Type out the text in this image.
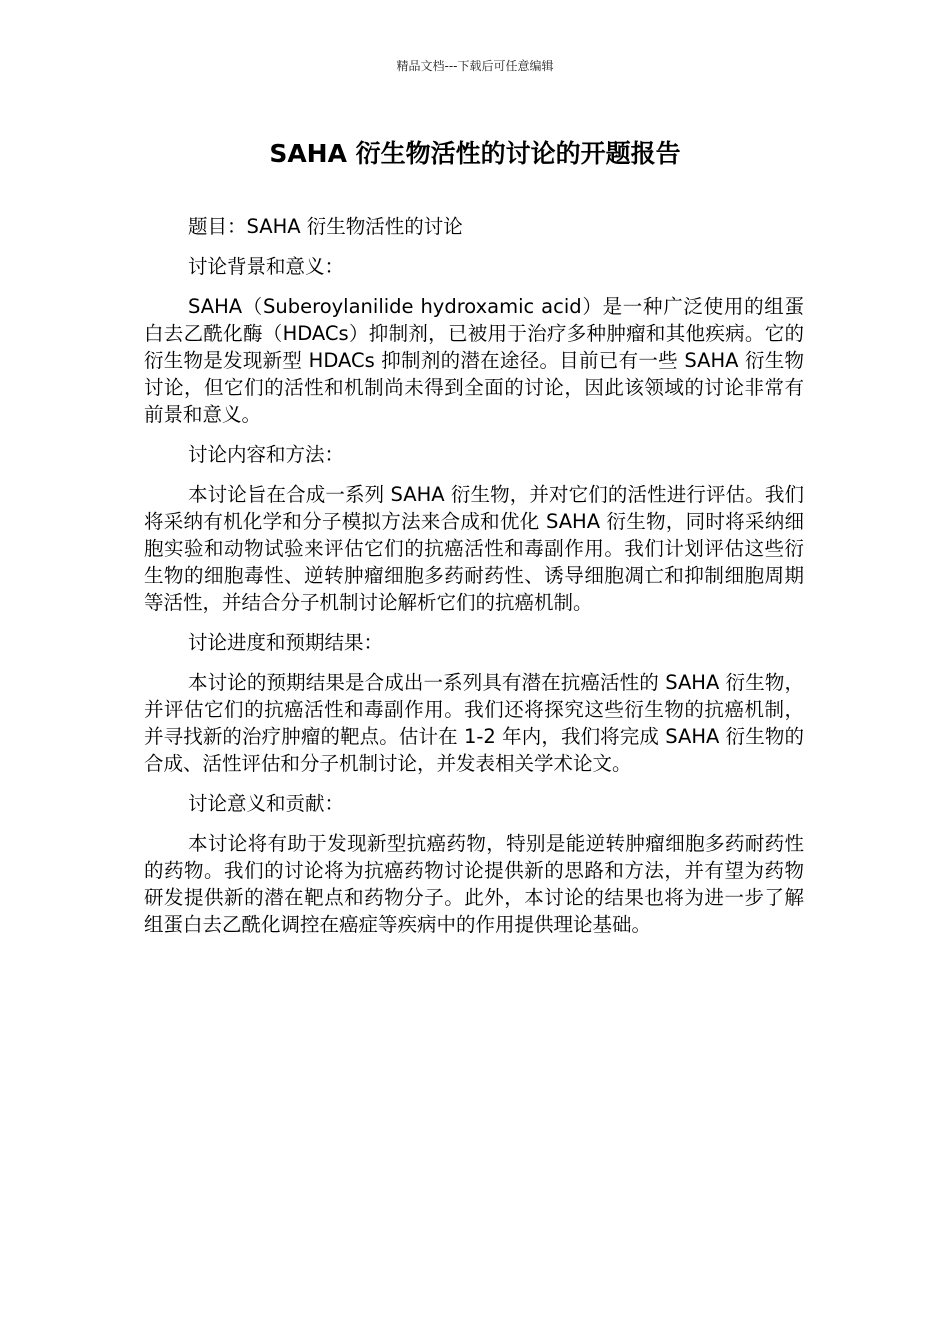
精品文档---下载后可任意编辑
SAHA 衍生物活性的讨论的开题报告

题目：SAHA 衍生物活性的讨论

讨论背景和意义：

SAHA（Suberoylanilide hydroxamic acid）是一种广泛使用的组蛋白去乙酰化酶（HDACs）抑制剂，已被用于治疗多种肿瘤和其他疾病。它的衍生物是发现新型 HDACs 抑制剂的潜在途径。目前已有一些 SAHA 衍生物讨论，但它们的活性和机制尚未得到全面的讨论，因此该领域的讨论非常有前景和意义。

讨论内容和方法：

本讨论旨在合成一系列 SAHA 衍生物，并对它们的活性进行评估。我们将采纳有机化学和分子模拟方法来合成和优化 SAHA 衍生物，同时将采纳细胞实验和动物试验来评估它们的抗癌活性和毒副作用。我们计划评估这些衍生物的细胞毒性、逆转肿瘤细胞多药耐药性、诱导细胞凋亡和抑制细胞周期等活性，并结合分子机制讨论解析它们的抗癌机制。

讨论进度和预期结果：

本讨论的预期结果是合成出一系列具有潜在抗癌活性的 SAHA 衍生物，并评估它们的抗癌活性和毒副作用。我们还将探究这些衍生物的抗癌机制，并寻找新的治疗肿瘤的靶点。估计在 1-2 年内，我们将完成 SAHA 衍生物的合成、活性评估和分子机制讨论，并发表相关学术论文。

讨论意义和贡献：

本讨论将有助于发现新型抗癌药物，特别是能逆转肿瘤细胞多药耐药性的药物。我们的讨论将为抗癌药物讨论提供新的思路和方法，并有望为药物研发提供新的潜在靶点和药物分子。此外，本讨论的结果也将为进一步了解组蛋白去乙酰化调控在癌症等疾病中的作用提供理论基础。
